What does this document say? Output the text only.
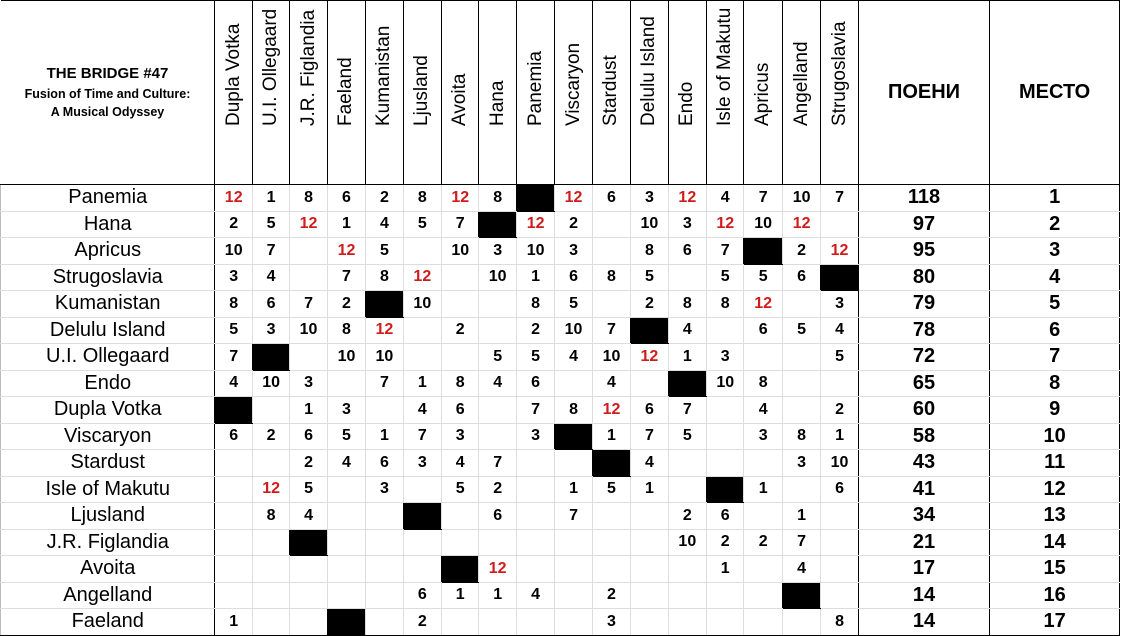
THE BRIDGE #47
Fusion of Time and Culture:
A Musical Odyssey	Dupla Votka	U.I. Ollegaard	J.R. Figlandia	Faeland	Kumanistan	Ljusland	Avoita	Hana	Panemia	Viscaryon	Stardust	Delulu Island	Endo	Isle of Makutu	Apricus	Angelland	Strugoslavia	ПОЕНИ	МЕСТО
Panemia	12	1	8	6	2	8	12	8		12	6	3	12	4	7	10	7	118	1
Hana	2	5	12	1	4	5	7		12	2		10	3	12	10	12		97	2
Apricus	10	7		12	5		10	3	10	3		8	6	7		2	12	95	3
Strugoslavia	3	4		7	8	12		10	1	6	8	5		5	5	6		80	4
Kumanistan	8	6	7	2		10			8	5		2	8	8	12		3	79	5
Delulu Island	5	3	10	8	12		2		2	10	7		4		6	5	4	78	6
U.I. Ollegaard	7			10	10			5	5	4	10	12	1	3			5	72	7
Endo	4	10	3		7	1	8	4	6		4			10	8			65	8
Dupla Votka			1	3		4	6		7	8	12	6	7		4		2	60	9
Viscaryon	6	2	6	5	1	7	3		3		1	7	5		3	8	1	58	10
Stardust			2	4	6	3	4	7				4				3	10	43	11
Isle of Makutu		12	5		3		5	2		1	5	1			1		6	41	12
Ljusland		8	4					6		7			2	6		1		34	13
J.R. Figlandia													10	2	2	7		21	14
Avoita								12						1		4		17	15
Angelland						6	1	1	4		2							14	16
Faeland	1					2					3						8	14	17
